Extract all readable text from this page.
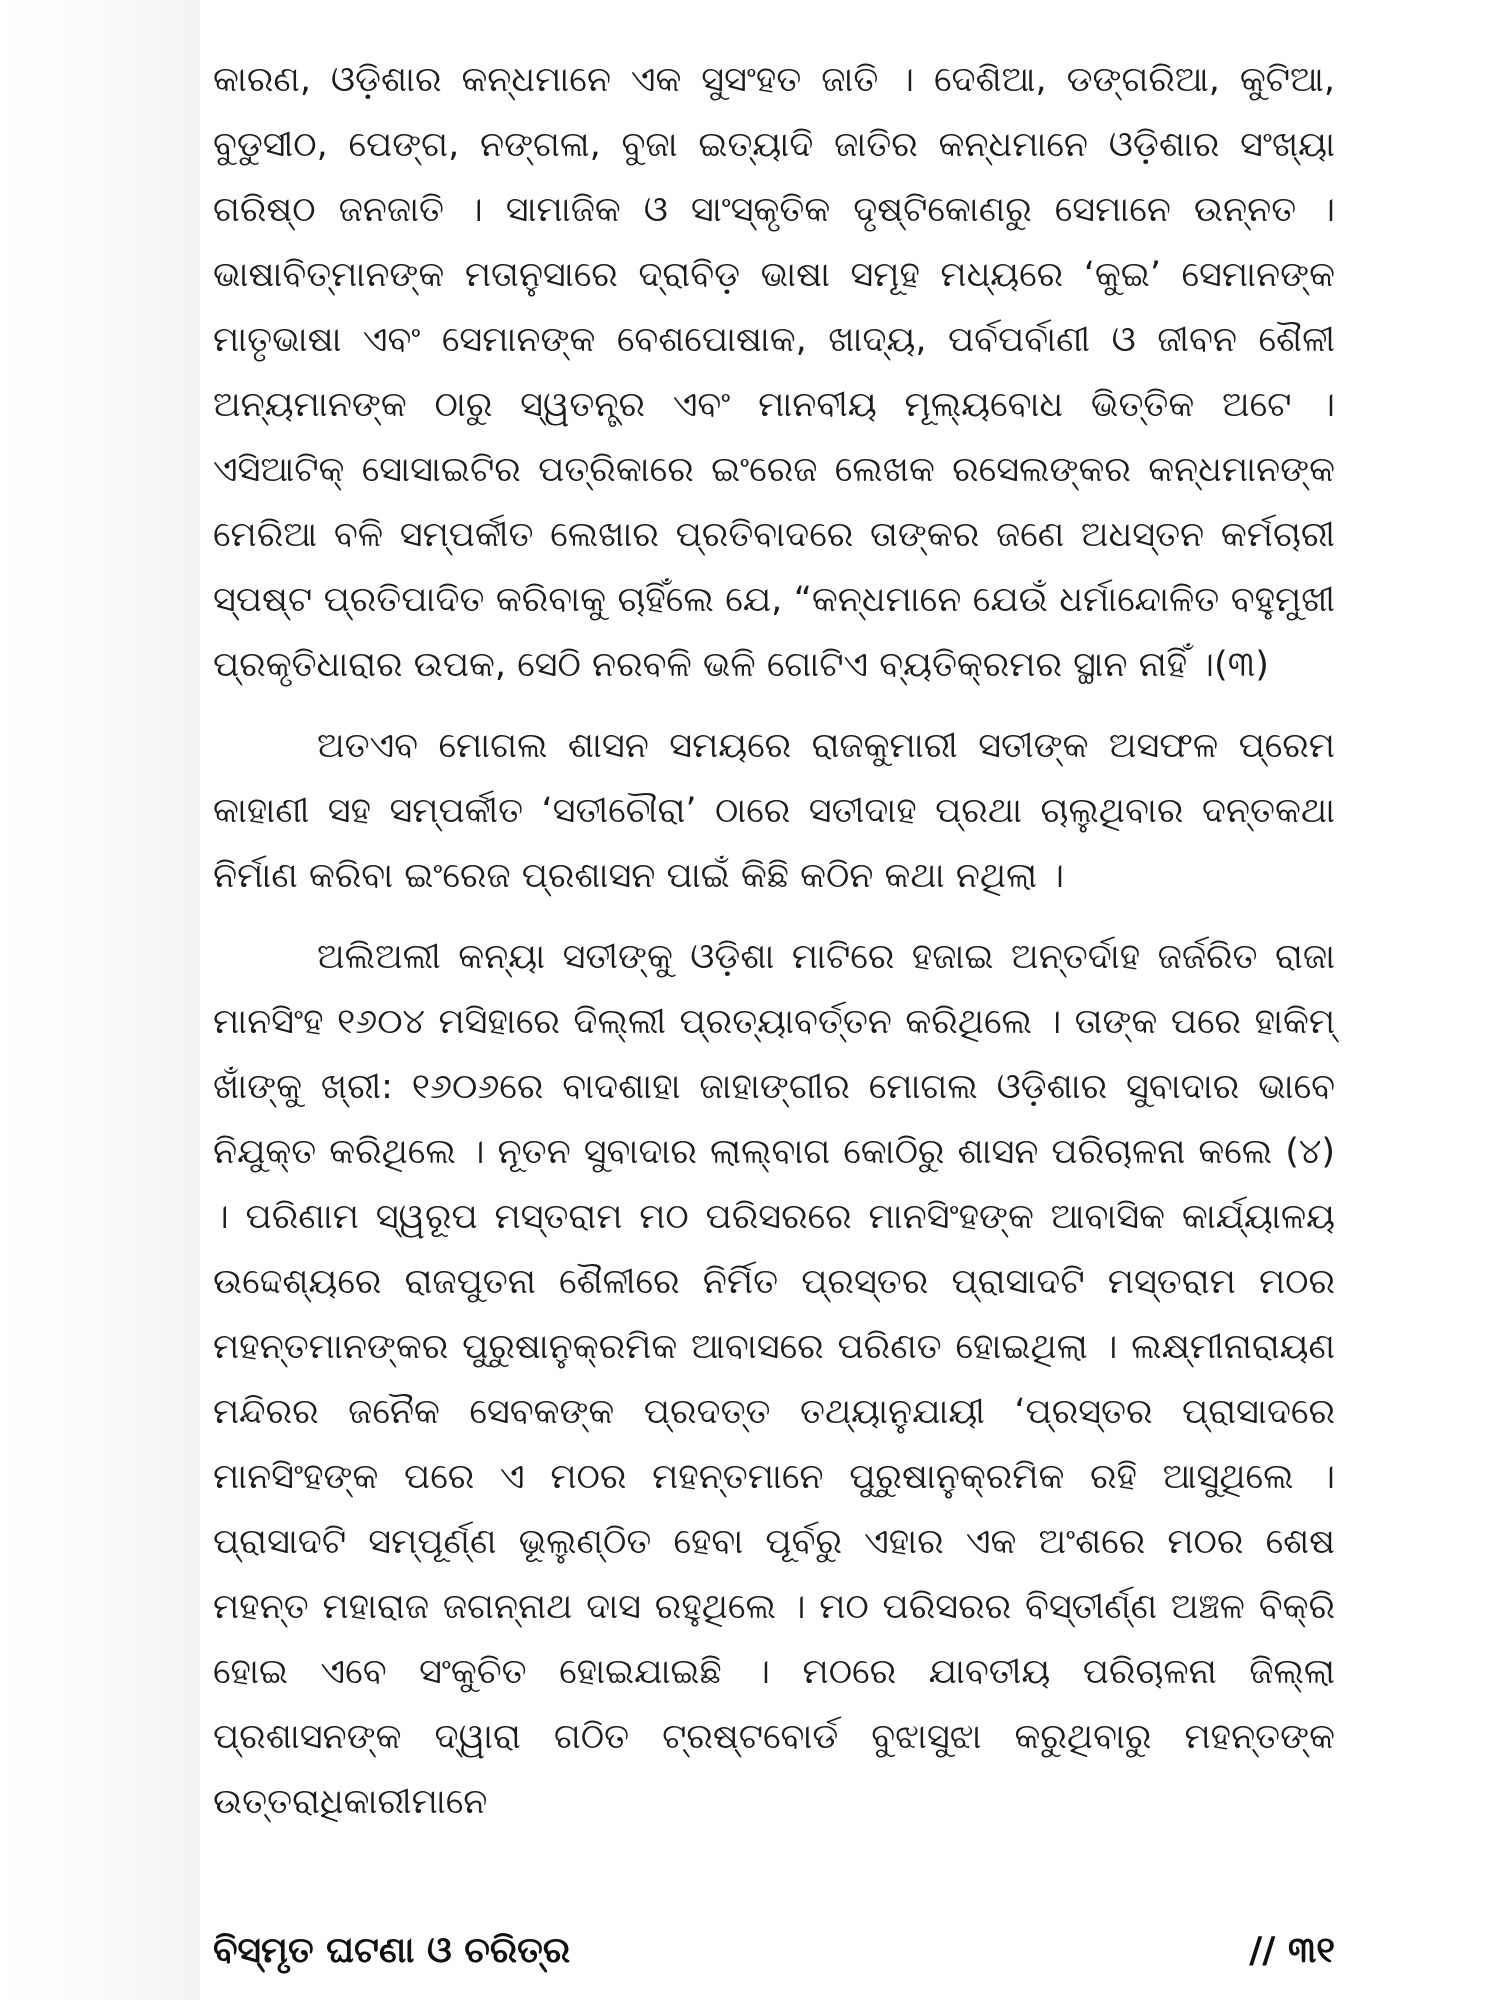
କାରଣ, ଓଡ଼ିଶାର କନ୍ଧମାନେ ଏକ ସୁସଂହତ ଜାତି । ଦେଶିଆ, ଡଙ୍ଗରିଆ, କୁଟିଆ, ବୁଡୁସୀଠ, ପେଙ୍ଗ, ନଙ୍ଗଳା, ବୁଜା ଇତ୍ୟାଦି ଜାତିର କନ୍ଧମାନେ ଓଡ଼ିଶାର ସଂଖ୍ୟା ଗରିଷ୍ଠ ଜନଜାତି । ସାମାଜିକ ଓ ସାଂସ୍କୃତିକ ଦୃଷ୍ଟିକୋଣରୁ ସେମାନେ ଉନ୍ନତ । ଭାଷାବିତ୍‌ମାନଙ୍କ ମତାନୁସାରେ ଦ୍ରାବିଡ଼ ଭାଷା ସମୂହ ମଧ୍ୟରେ ‘କୁଇ’ ସେମାନଙ୍କ ମାତୃଭାଷା ଏବଂ ସେମାନଙ୍କ ବେଶପୋଷାକ, ଖାଦ୍ୟ, ପର୍ବପର୍ବାଣୀ ଓ ଜୀବନ ଶୈଳୀ ଅନ୍ୟମାନଙ୍କ ଠାରୁ ସ୍ୱତନ୍ତ୍ର ଏବଂ ମାନବୀୟ ମୂଲ୍ୟବୋଧ ଭିତ୍ତିକ ଅଟେ । ଏସିଆଟିକ୍ ସୋସାଇଟିର ପତ୍ରିକାରେ ଇଂରେଜ ଲେଖକ ରସେଲଙ୍କର କନ୍ଧମାନଙ୍କ ମେରିଆ ବଳି ସମ୍ପର୍କୀତ ଲେଖାର ପ୍ରତିବାଦରେ ତାଙ୍କର ଜଣେ ଅଧସ୍ତନ କର୍ମଚାରୀ ସ୍ପଷ୍ଟ ପ୍ରତିପାଦିତ କରିବାକୁ ଚାହିଁଲେ ଯେ, “କନ୍ଧମାନେ ଯେଉଁ ଧର୍ମାନ୍ଦୋଳିତ ବହୁମୁଖୀ ପ୍ରକୃତିଧାରାର ଉପକ, ସେଠି ନରବଳି ଭଳି ଗୋଟିଏ ବ୍ୟତିକ୍ରମର ସ୍ଥାନ ନାହିଁ ।(୩)

ଅତଏବ ମୋଗଲ ଶାସନ ସମୟରେ ରାଜକୁମାରୀ ସତୀଙ୍କ ଅସଫଳ ପ୍ରେମ କାହାଣୀ ସହ ସମ୍ପର୍କୀତ ‘ସତୀଚୌରା’ ଠାରେ ସତୀଦାହ ପ୍ରଥା ଚାଲୁଥିବାର ଦନ୍ତକଥା ନିର୍ମାଣ କରିବା ଇଂରେଜ ପ୍ରଶାସନ ପାଇଁ କିଛି କଠିନ କଥା ନଥିଲା ।

ଅଲିଅଲୀ କନ୍ୟା ସତୀଙ୍କୁ ଓଡ଼ିଶା ମାଟିରେ ହଜାଇ ଅନ୍ତର୍ଦାହ ଜର୍ଜରିତ ରାଜା ମାନସିଂହ ୧୬୦୪ ମସିହାରେ ଦିଲ୍ଲୀ ପ୍ରତ୍ୟାବର୍ତ୍ତନ କରିଥିଲେ । ତାଙ୍କ ପରେ ହାକିମ୍ ଖାଁଙ୍କୁ ଖ୍ରୀ: ୧୬୦୬ରେ ବାଦଶାହା ଜାହାଙ୍ଗୀର ମୋଗଲ ଓଡ଼ିଶାର ସୁବାଦାର ଭାବେ ନିଯୁକ୍ତ କରିଥିଲେ । ନୂତନ ସୁବାଦାର ଲାଲ୍‌ବାଗ କୋଠିରୁ ଶାସନ ପରିଚାଳନା କଲେ (୪) । ପରିଣାମ ସ୍ୱରୂପ ମସ୍ତରାମ ମଠ ପରିସରରେ ମାନସିଂହଙ୍କ ଆବାସିକ କାର୍ଯ୍ୟାଳୟ ଉଦ୍ଦେଶ୍ୟରେ ରାଜପୁତନା ଶୈଳୀରେ ନିର୍ମିତ ପ୍ରସ୍ତର ପ୍ରାସାଦଟି ମସ୍ତରାମ ମଠର ମହନ୍ତମାନଙ୍କର ପୁରୁଷାନୁକ୍ରମିକ ଆବାସରେ ପରିଣତ ହୋଇଥିଲା । ଲକ୍ଷ୍ମୀନାରାୟଣ ମନ୍ଦିରର ଜନୈକ ସେବକଙ୍କ ପ୍ରଦତ୍ତ ତଥ୍ୟାନୁଯାୟୀ ‘ପ୍ରସ୍ତର ପ୍ରାସାଦରେ ମାନସିଂହଙ୍କ ପରେ ଏ ମଠର ମହନ୍ତମାନେ ପୁରୁଷାନୁକ୍ରମିକ ରହି ଆସୁଥିଲେ । ପ୍ରାସାଦଟି ସମ୍ପୂର୍ଣ୍ଣ ଭୂଲୁଣ୍ଠିତ ହେବା ପୂର୍ବରୁ ଏହାର ଏକ ଅଂଶରେ ମଠର ଶେଷ ମହନ୍ତ ମହାରାଜ ଜଗନ୍ନାଥ ଦାସ ରହୁଥିଲେ । ମଠ ପରିସରର ବିସ୍ତୀର୍ଣ୍ଣ ଅଞ୍ଚଳ ବିକ୍ରି ହୋଇ ଏବେ ସଂକୁଚିତ ହୋଇଯାଇଛି । ମଠରେ ଯାବତୀୟ ପରିଚାଳନା ଜିଲ୍ଲା ପ୍ରଶାସନଙ୍କ ଦ୍ୱାରା ଗଠିତ ଟ୍ରଷ୍ଟବୋର୍ଡ ବୁଝାସୁଝା କରୁଥିବାରୁ ମହନ୍ତଙ୍କ ଉତ୍ତରାଧିକାରୀମାନେ

ବିସ୍ମୃତ ଘଟଣା ଓ ଚରିତ୍ର	// ୩୧
